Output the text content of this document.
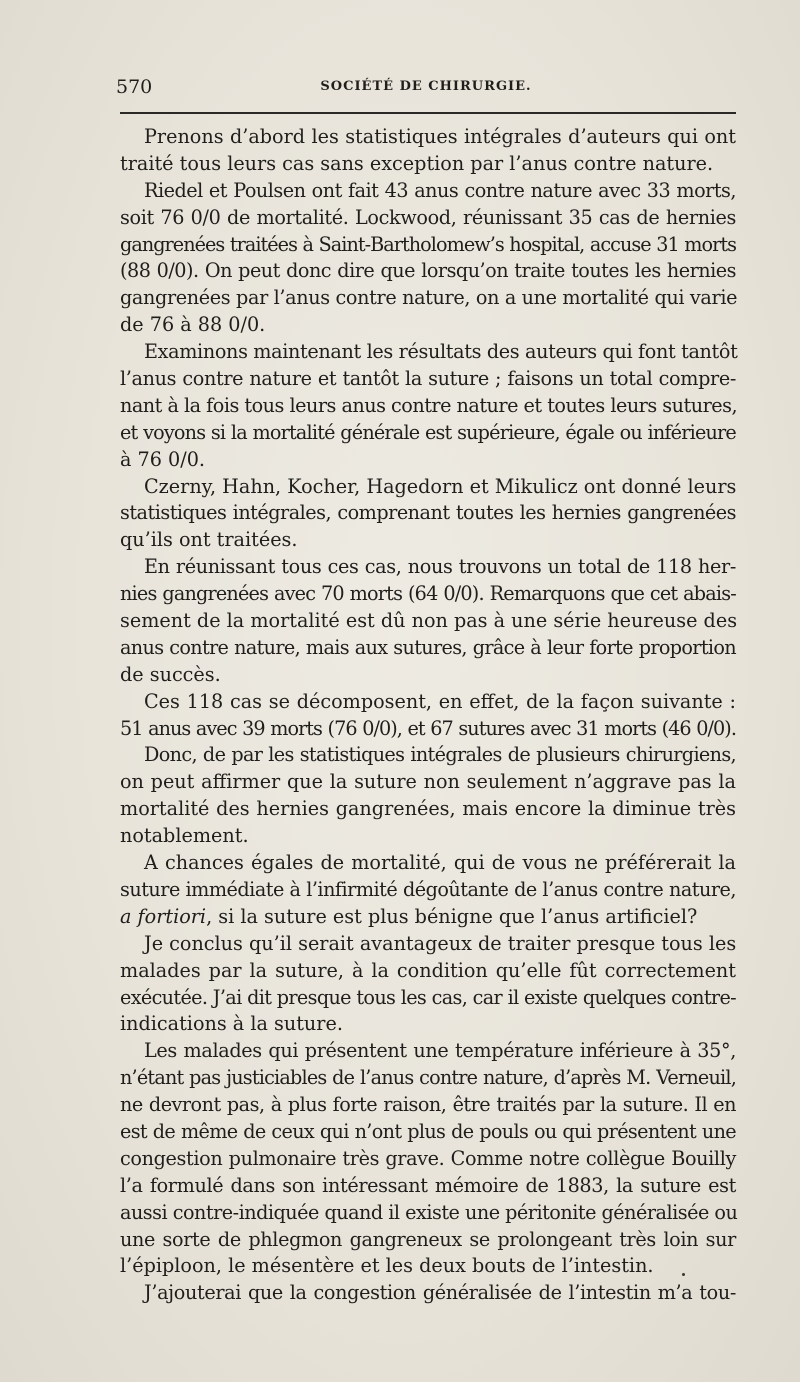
570	SOCIÉTÉ DE CHIRURGIE.
Prenons d’abord les statistiques intégrales d’auteurs qui ont
traité tous leurs cas sans exception par l’anus contre nature.
Riedel et Poulsen ont fait 43 anus contre nature avec 33 morts,
soit 76 0/0 de mortalité. Lockwood, réunissant 35 cas de hernies
gangrenées traitées à Saint-Bartholomew’s hospital, accuse 31 morts
(88 0/0). On peut donc dire que lorsqu’on traite toutes les hernies
gangrenées par l’anus contre nature, on a une mortalité qui varie
de 76 à 88 0/0.
Examinons maintenant les résultats des auteurs qui font tantôt
l’anus contre nature et tantôt la suture ; faisons un total compre-
nant à la fois tous leurs anus contre nature et toutes leurs sutures,
et voyons si la mortalité générale est supérieure, égale ou inférieure
à 76 0/0.
Czerny, Hahn, Kocher, Hagedorn et Mikulicz ont donné leurs
statistiques intégrales, comprenant toutes les hernies gangrenées
qu’ils ont traitées.
En réunissant tous ces cas, nous trouvons un total de 118 her-
nies gangrenées avec 70 morts (64 0/0). Remarquons que cet abais-
sement de la mortalité est dû non pas à une série heureuse des
anus contre nature, mais aux sutures, grâce à leur forte proportion
de succès.
Ces 118 cas se décomposent, en effet, de la façon suivante :
51 anus avec 39 morts (76 0/0), et 67 sutures avec 31 morts (46 0/0).
Donc, de par les statistiques intégrales de plusieurs chirurgiens,
on peut affirmer que la suture non seulement n’aggrave pas la
mortalité des hernies gangrenées, mais encore la diminue très
notablement.
A chances égales de mortalité, qui de vous ne préférerait la
suture immédiate à l’infirmité dégoûtante de l’anus contre nature,
a fortiori, si la suture est plus bénigne que l’anus artificiel?
Je conclus qu’il serait avantageux de traiter presque tous les
malades par la suture, à la condition qu’elle fût correctement
exécutée. J’ai dit presque tous les cas, car il existe quelques contre-
indications à la suture.
Les malades qui présentent une température inférieure à 35°,
n’étant pas justiciables de l’anus contre nature, d’après M. Verneuil,
ne devront pas, à plus forte raison, être traités par la suture. Il en
est de même de ceux qui n’ont plus de pouls ou qui présentent une
congestion pulmonaire très grave. Comme notre collègue Bouilly
l’a formulé dans son intéressant mémoire de 1883, la suture est
aussi contre-indiquée quand il existe une péritonite généralisée ou
une sorte de phlegmon gangreneux se prolongeant très loin sur
l’épiploon, le mésentère et les deux bouts de l’intestin.
J’ajouterai que la congestion généralisée de l’intestin m’a tou-
